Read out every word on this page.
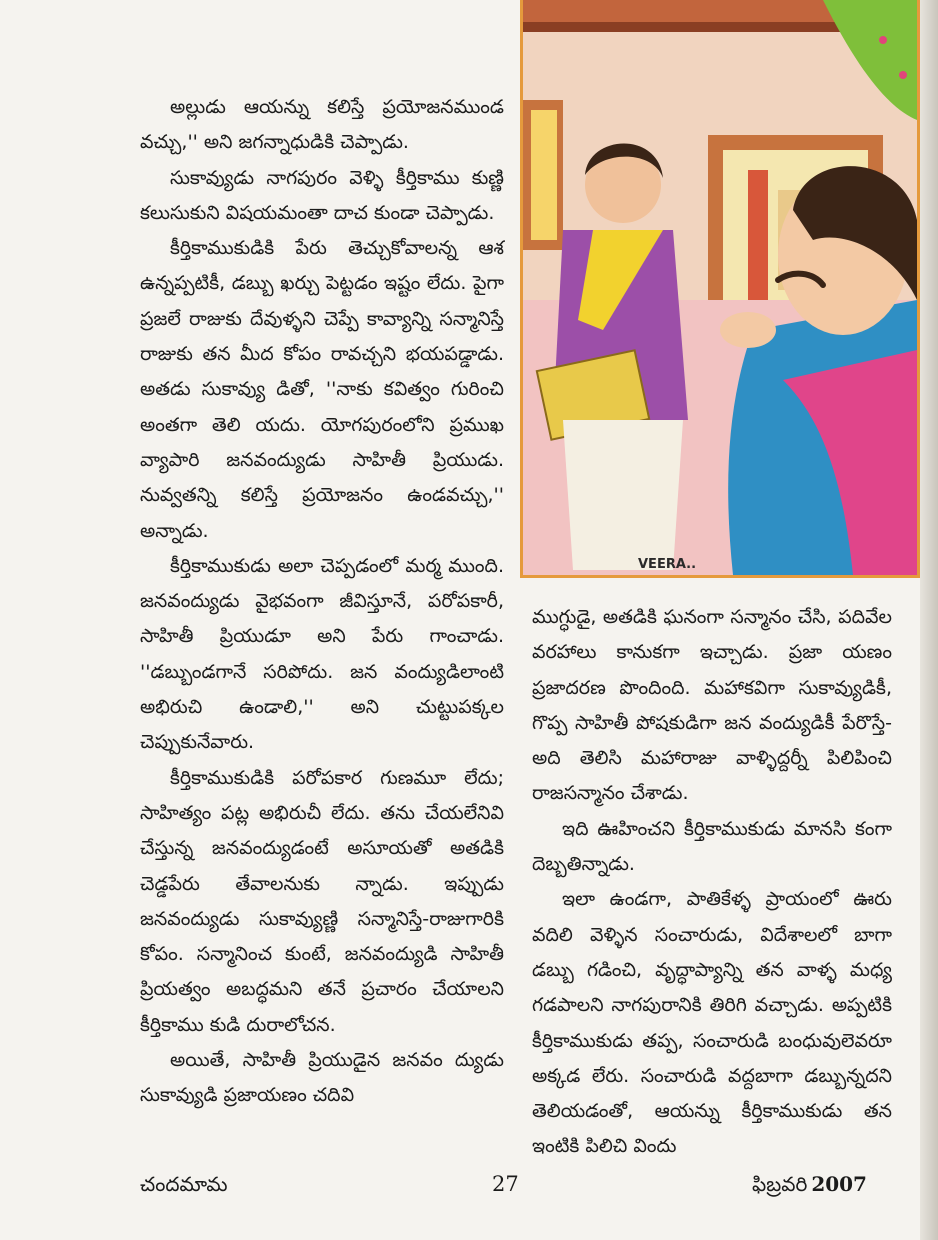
అల్లుడు ఆయన్ను కలిస్తే ప్రయోజనముండ వచ్చు,'' అని జగన్నాధుడికి చెప్పాడు.

సుకావ్యుడు నాగపురం వెళ్ళి కీర్తికాము కుణ్ణి కలుసుకుని విషయమంతా దాచ కుండా చెప్పాడు.

కీర్తికాముకుడికి పేరు తెచ్చుకోవాలన్న ఆశ ఉన్నప్పటికీ, డబ్బు ఖర్చు పెట్టడం ఇష్టం లేదు. పైగా ప్రజలే రాజుకు దేవుళ్ళని చెప్పే కావ్యాన్ని సన్మానిస్తే రాజుకు తన మీద కోపం రావచ్చని భయపడ్డాడు. అతడు సుకావ్యు డితో, ''నాకు కవిత్వం గురించి అంతగా తెలి యదు. యోగపురంలోని ప్రముఖ వ్యాపారి జనవంద్యుడు సాహితీ ప్రియుడు. నువ్వతన్ని కలిస్తే ప్రయోజనం ఉండవచ్చు,'' అన్నాడు.

కీర్తికాముకుడు అలా చెప్పడంలో మర్మ ముంది. జనవంద్యుడు వైభవంగా జీవిస్తూనే, పరోపకారీ, సాహితీ ప్రియుడూ అని పేరు గాంచాడు. ''డబ్బుండగానే సరిపోదు. జన వంద్యుడిలాంటి అభిరుచి ఉండాలి,'' అని చుట్టుపక్కల చెప్పుకునేవారు.

కీర్తికాముకుడికి పరోపకార గుణమూ లేదు; సాహిత్యం పట్ల అభిరుచీ లేదు. తను చేయలేనివి చేస్తున్న జనవంద్యుడంటే అసూయతో అతడికి చెడ్డపేరు తేవాలనుకు న్నాడు. ఇప్పుడు జనవంద్యుడు సుకావ్యుణ్ణి సన్మానిస్తే-రాజుగారికి కోపం. సన్మానించ కుంటే, జనవంద్యుడి సాహితీ ప్రియత్వం అబద్ధమని తనే ప్రచారం చేయాలని కీర్తికాము కుడి దురాలోచన.

అయితే, సాహితీ ప్రియుడైన జనవం ద్యుడు సుకావ్యుడి ప్రజాయణం చదివి

VEERA..

ముగ్ధుడై, అతడికి ఘనంగా సన్మానం చేసి, పదివేల వరహాలు కానుకగా ఇచ్చాడు. ప్రజా యణం ప్రజాదరణ పొందింది. మహాకవిగా సుకావ్యుడికీ, గొప్ప సాహితీ పోషకుడిగా జన వంద్యుడికీ పేరొస్తే-అది తెలిసి మహారాజు వాళ్ళిద్దర్నీ పిలిపించి రాజసన్మానం చేశాడు.

ఇది ఊహించని కీర్తికాముకుడు మానసి కంగా దెబ్బతిన్నాడు.

ఇలా ఉండగా, పాతికేళ్ళ ప్రాయంలో ఊరు వదిలి వెళ్ళిన సంచారుడు, విదేశాలలో బాగా డబ్బు గడించి, వృద్ధాప్యాన్ని తన వాళ్ళ మధ్య గడపాలని నాగపురానికి తిరిగి వచ్చాడు. అప్పటికి కీర్తికాముకుడు తప్ప, సంచారుడి బంధువులెవరూ అక్కడ లేరు. సంచారుడి వద్దబాగా డబ్బున్నదని తెలియడంతో, ఆయన్ను కీర్తికాముకుడు తన ఇంటికి పిలిచి విందు

చందమామ	27	ఫిబ్రవరి 2007
